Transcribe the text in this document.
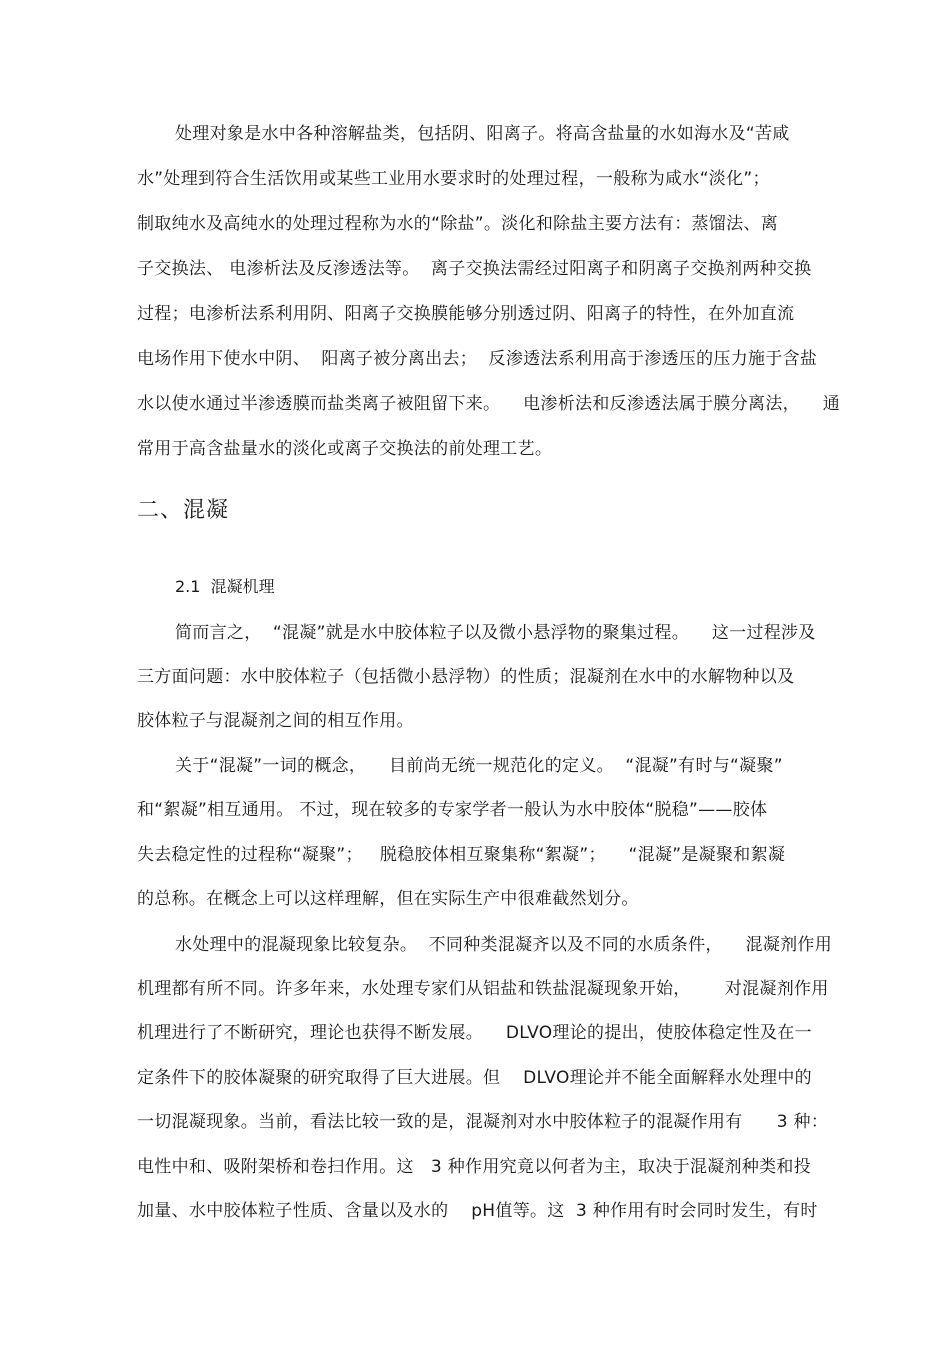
处理对象是水中各种溶解盐类，包括阴、阳离子。将高含盐量的水如海水及“苦咸
水”处理到符合生活饮用或某些工业用水要求时的处理过程，一般称为咸水“淡化”；
制取纯水及高纯水的处理过程称为水的“除盐”。淡化和除盐主要方法有：蒸馏法、离
子交换法、 电渗析法及反渗透法等。  离子交换法需经过阳离子和阴离子交换剂两种交换
过程；电渗析法系利用阴、阳离子交换膜能够分别透过阴、阳离子的特性，在外加直流
电场作用下使水中阴、  阳离子被分离出去；  反渗透法系利用高于渗透压的压力施于含盐
水以使水通过半渗透膜而盐类离子被阻留下来。    电渗析法和反渗透法属于膜分离法，    通
常用于高含盐量水的淡化或离子交换法的前处理工艺。
二、混凝
2.1  混凝机理
简而言之，  “混凝”就是水中胶体粒子以及微小悬浮物的聚集过程。    这一过程涉及
三方面问题：水中胶体粒子（包括微小悬浮物）的性质；混凝剂在水中的水解物种以及
胶体粒子与混凝剂之间的相互作用。
关于“混凝”一词的概念，    目前尚无统一规范化的定义。  “混凝”有时与“凝聚”
和“絮凝”相互通用。 不过，现在较多的专家学者一般认为水中胶体“脱稳”——胶体
失去稳定性的过程称“凝聚”；   脱稳胶体相互聚集称“絮凝”；    “混凝”是凝聚和絮凝
的总称。在概念上可以这样理解，但在实际生产中很难截然划分。
水处理中的混凝现象比较复杂。  不同种类混凝齐以及不同的水质条件，    混凝剂作用
机理都有所不同。许多年来，水处理专家们从铝盐和铁盐混凝现象开始，      对混凝剂作用
机理进行了不断研究，理论也获得不断发展。    DLVO理论的提出，使胶体稳定性及在一
定条件下的胶体凝聚的研究取得了巨大进展。但    DLVO理论并不能全面解释水处理中的
一切混凝现象。当前，看法比较一致的是，混凝剂对水中胶体粒子的混凝作用有      3 种：
电性中和、吸附架桥和卷扫作用。这   3 种作用究竟以何者为主，取决于混凝剂种类和投
加量、水中胶体粒子性质、含量以及水的    pH值等。这  3 种作用有时会同时发生，有时
